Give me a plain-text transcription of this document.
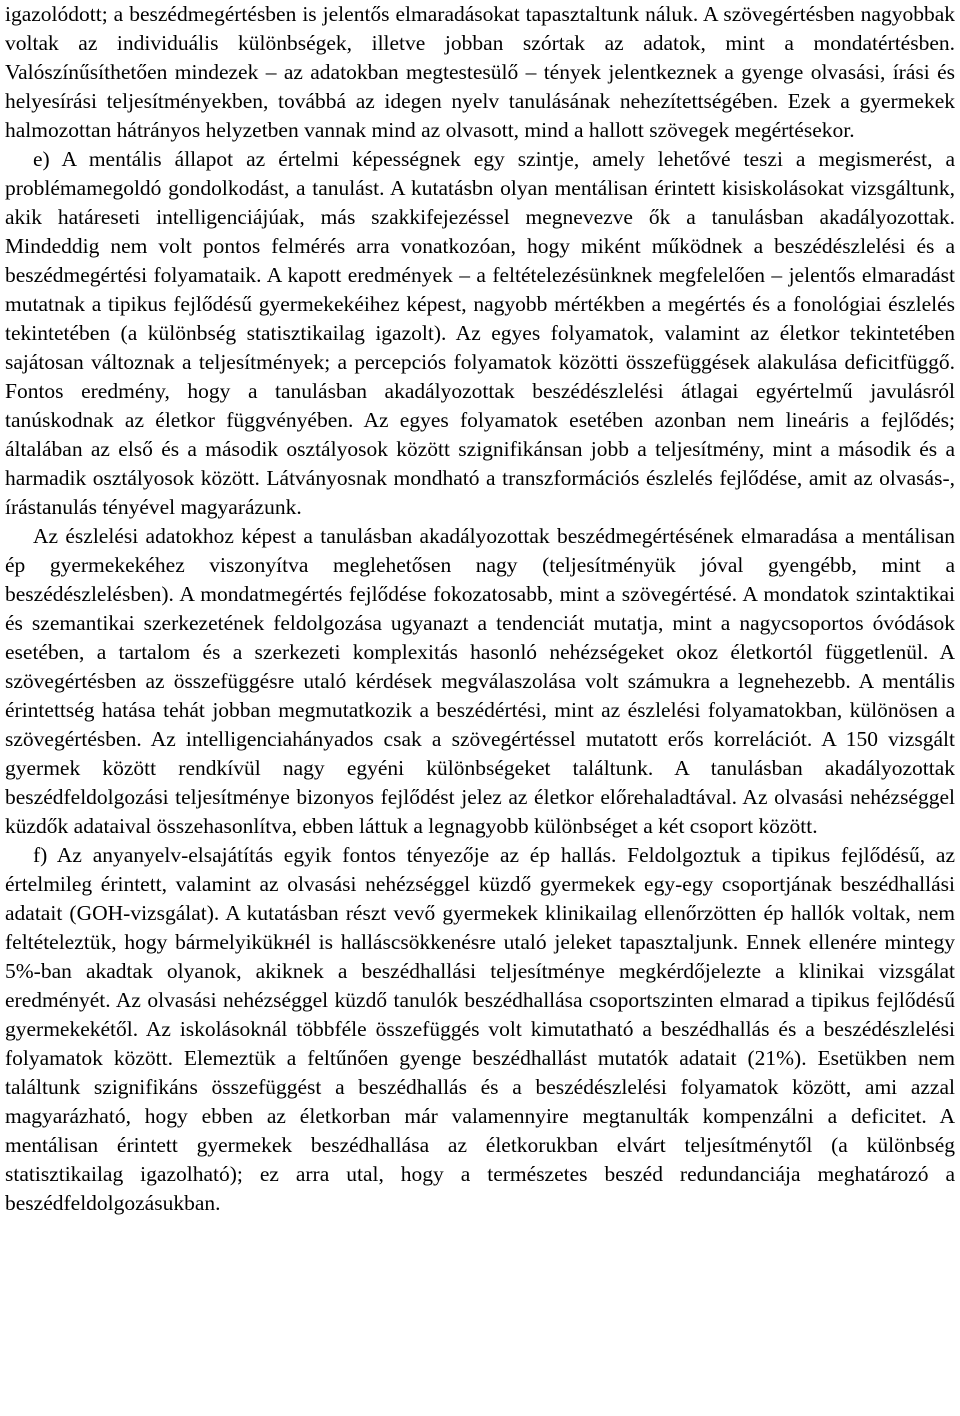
igazolódott; a beszédmegértésben is jelentős elmaradásokat tapasztaltunk náluk. A szövegértésben nagyobbak voltak az individuális különbségek, illetve jobban szórtak az adatok, mint a mondatértésben. Valószínűsíthetően mindezek – az adatokban megtestesülő – tények jelentkeznek a gyenge olvasási, írási és helyesírási teljesítményekben, továbbá az idegen nyelv tanulásának nehezítettségében. Ezek a gyermekek halmozottan hátrányos helyzetben vannak mind az olvasott, mind a hallott szövegek megértésekor.

e) A mentális állapot az értelmi képességnek egy szintje, amely lehetővé teszi a megismerést, a problémamegoldó gondolkodást, a tanulást. A kutatásbn olyan mentálisan érintett kisiskolásokat vizsgáltunk, akik határeseti intelligenciájúak, más szakkifejezéssel megnevezve ők a tanulásban akadályozottak. Mindeddig nem volt pontos felmérés arra vonatkozóan, hogy miként működnek a beszédészlelési és a beszédmegértési folyamataik. A kapott eredmények – a feltételezésünknek megfelelően – jelentős elmaradást mutatnak a tipikus fejlődésű gyermekekéihez képest, nagyobb mértékben a megértés és a fonológiai észlelés tekintetében (a különbség statisztikailag igazolt). Az egyes folyamatok, valamint az életkor tekintetében sajátosan változnak a teljesítmények; a percepciós folyamatok közötti összefüggések alakulása deficitfüggő. Fontos eredmény, hogy a tanulásban akadályozottak beszédészlelési átlagai egyértelmű javulásról tanúskodnak az életkor függvényében. Az egyes folyamatok esetében azonban nem lineáris a fejlődés; általában az első és a második osztályosok között szignifikánsan jobb a teljesítmény, mint a második és a harmadik osztályosok között. Látványosnak mondható a transzformációs észlelés fejlődése, amit az olvasás-, írástanulás tényével magyarázunk.

Az észlelési adatokhoz képest a tanulásban akadályozottak beszédmegértésének elmaradása a mentálisan ép gyermekekéhez viszonyítva meglehetősen nagy (teljesítményük jóval gyengébb, mint a beszédészlelésben). A mondatmegértés fejlődése fokozatosabb, mint a szövegértésé. A mondatok szintaktikai és szemantikai szerkezetének feldolgozása ugyanazt a tendenciát mutatja, mint a nagycsoportos óvódások esetében, a tartalom és a szerkezeti komplexitás hasonló nehézségeket okoz életkortól függetlenül. A szövegértésben az összefüggésre utaló kérdések megválaszolása volt számukra a legnehezebb. A mentális érintettség hatása tehát jobban megmutatkozik a beszédértési, mint az észlelési folyamatokban, különösen a szövegértésben. Az intelligenciahányados csak a szövegértéssel mutatott erős korrelációt. A 150 vizsgált gyermek között rendkívül nagy egyéni különbségeket találtunk. A tanulásban akadályozottak beszédfeldolgozási teljesítménye bizonyos fejlődést jelez az életkor előrehaladtával. Az olvasási nehézséggel küzdők adataival összehasonlítva, ebben láttuk a legnagyobb különbséget a két csoport között.

f) Az anyanyelv-elsajátítás egyik fontos tényezője az ép hallás. Feldolgoztuk a tipikus fejlődésű, az értelmileg érintett, valamint az olvasási nehézséggel küzdő gyermekek egy-egy csoportjának beszédhallási adatait (GOH-vizsgálat). A kutatásban részt vevő gyermekek klinikailag ellenőrzötten ép hallók voltak, nem feltételeztük, hogy bármelyikükнél is halláscsökkenésre utaló jeleket tapasztaljunk. Ennek ellenére mintegy 5%-ban akadtak olyanok, akiknek a beszédhallási teljesítménye megkérdőjelezte a klinikai vizsgálat eredményét. Az olvasási nehézséggel küzdő tanulók beszédhallása csoportszinten elmarad a tipikus fejlődésű gyermekekétől. Az iskolásoknál többféle összefüggés volt kimutatható a beszédhallás és a beszédészlelési folyamatok között. Elemeztük a feltűnően gyenge beszédhallást mutatók adatait (21%). Esetükben nem találtunk szignifikáns összefüggést a beszédhallás és a beszédészlelési folyamatok között, ami azzal magyarázható, hogy ebben az életkorban már valamennyire megtanulták kompenzálni a deficitet. A mentálisan érintett gyermekek beszédhallása az életkorukban elvárt teljesítménytől (a különbség statisztikailag igazolható); ez arra utal, hogy a természetes beszéd redundanciája meghatározó a beszédfeldolgozásukban.
